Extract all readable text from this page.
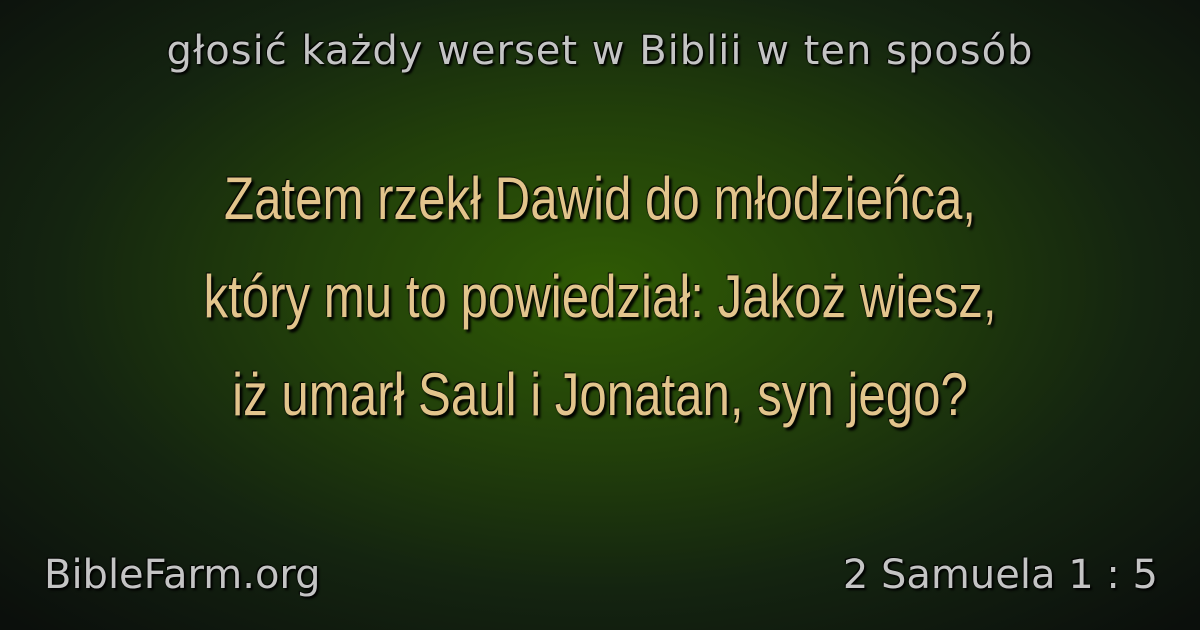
głosić każdy werset w Biblii w ten sposób
Zatem rzekł Dawid do młodzieńca,
który mu to powiedział: Jakoż wiesz,
iż umarł Saul i Jonatan, syn jego?
BibleFarm.org	2 Samuela 1 : 5
